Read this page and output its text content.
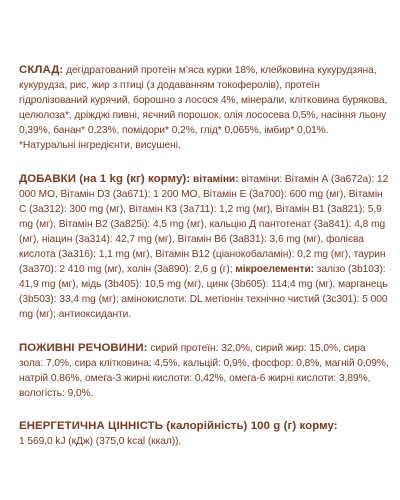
СКЛАД: дегідратований протеїн м’яса курки 18%, клейковина кукурудзяна, кукурудза, рис, жир з птиці (з додаванням токоферолів), протеїн гідролізований курячий, борошно з лосося 4%, мінерали, клітковина бурякова, целюлоза*, дріжджі пивні, яєчний порошок, олія лососева 0,5%, насіння льону 0,39%, банан* 0,23%, помідори* 0,2%, глід* 0,065%, імбир* 0,01%.
*Натуральні інгредієнти, висушені.

ДОБАВКИ (на 1 kg (кг) корму): вітаміни: вітаміни: Вітамін А (3а672а): 12 000 МО, Вітамін D3 (3а671): 1 200 МО, Вітамін Е (3а700): 600 mg (мг), Вітамін С (3а312): 300 mg (мг), Вітамін К3 (3а711): 1,2 mg (мг), Вітамін В1 (3а821): 5,9 mg (мг), Вітамін В2 (3а825і): 4,5 mg (мг), кальцію Д пантотенат (3а841): 4,8 mg (мг), ніацин (3а314): 42,7 mg (мг), Вітамін В6 (3а831): 3,6 mg (мг), фолієва кислота (3а316): 1,1 mg (мг), Вітамін В12 (ціанокобаламін): 0,2 mg (мг), таурин (3а370): 2 410 mg (мг), холін (3а890): 2,6 g (г); мікроелементи: залізо (3b103): 41,9 mg (мг), мідь (3b405): 10,5 mg (мг), цинк (3b605): 114,4 mg (мг), марганець (3b503): 33,4 mg (мг); амінокислоти: DL метіонін технічно чистий (3c301): 5 000 mg (мг); антиоксиданти.

ПОЖИВНІ РЕЧОВИНИ: сирий протеїн: 32,0%, сирий жир: 15,0%, сира зола: 7,0%, сира клітковина: 4,5%, кальцій: 0,9%, фосфор: 0,8%, магній 0,09%, натрій 0,86%, омега-3 жирні кислоти: 0,42%, омега-6 жирні кислоти: 3,89%, вологість: 9,0%.

ЕНЕРГЕТИЧНА ЦІННІСТЬ (калорійність) 100 g (г) корму:
1 569,0 kJ (кДж) (375,0 kcal (ккал)).
